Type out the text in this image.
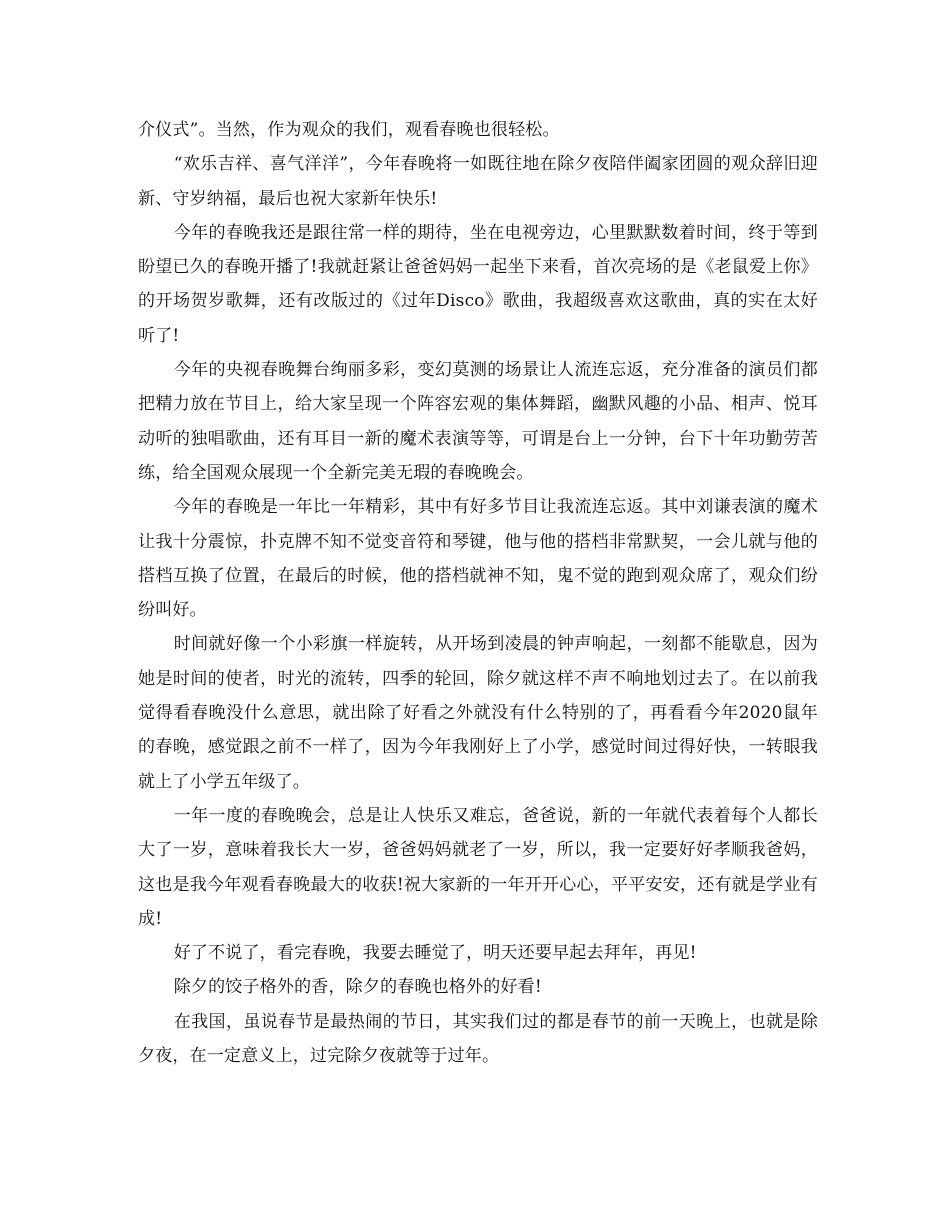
介仪式”。当然，作为观众的我们，观看春晚也很轻松。

“欢乐吉祥、喜气洋洋”，今年春晚将一如既往地在除夕夜陪伴阖家团圆的观众辞旧迎新、守岁纳福，最后也祝大家新年快乐!

今年的春晚我还是跟往常一样的期待，坐在电视旁边，心里默默数着时间，终于等到盼望已久的春晚开播了!我就赶紧让爸爸妈妈一起坐下来看，首次亮场的是《老鼠爱上你》的开场贺岁歌舞，还有改版过的《过年Disco》歌曲，我超级喜欢这歌曲，真的实在太好听了!

今年的央视春晚舞台绚丽多彩，变幻莫测的场景让人流连忘返，充分准备的演员们都把精力放在节目上，给大家呈现一个阵容宏观的集体舞蹈，幽默风趣的小品、相声、悦耳动听的独唱歌曲，还有耳目一新的魔术表演等等，可谓是台上一分钟，台下十年功勤劳苦练，给全国观众展现一个全新完美无瑕的春晚晚会。

今年的春晚是一年比一年精彩，其中有好多节目让我流连忘返。其中刘谦表演的魔术让我十分震惊，扑克牌不知不觉变音符和琴键，他与他的搭档非常默契，一会儿就与他的搭档互换了位置，在最后的时候，他的搭档就神不知，鬼不觉的跑到观众席了，观众们纷纷叫好。

时间就好像一个小彩旗一样旋转，从开场到凌晨的钟声响起，一刻都不能歇息，因为她是时间的使者，时光的流转，四季的轮回，除夕就这样不声不响地划过去了。在以前我觉得看春晚没什么意思，就出除了好看之外就没有什么特别的了，再看看今年2020鼠年的春晚，感觉跟之前不一样了，因为今年我刚好上了小学，感觉时间过得好快，一转眼我就上了小学五年级了。

一年一度的春晚晚会，总是让人快乐又难忘，爸爸说，新的一年就代表着每个人都长大了一岁，意味着我长大一岁，爸爸妈妈就老了一岁，所以，我一定要好好孝顺我爸妈，这也是我今年观看春晚最大的收获!祝大家新的一年开开心心，平平安安，还有就是学业有成!

好了不说了，看完春晚，我要去睡觉了，明天还要早起去拜年，再见!

除夕的饺子格外的香，除夕的春晚也格外的好看!

在我国，虽说春节是最热闹的节日，其实我们过的都是春节的前一天晚上，也就是除夕夜，在一定意义上，过完除夕夜就等于过年。
